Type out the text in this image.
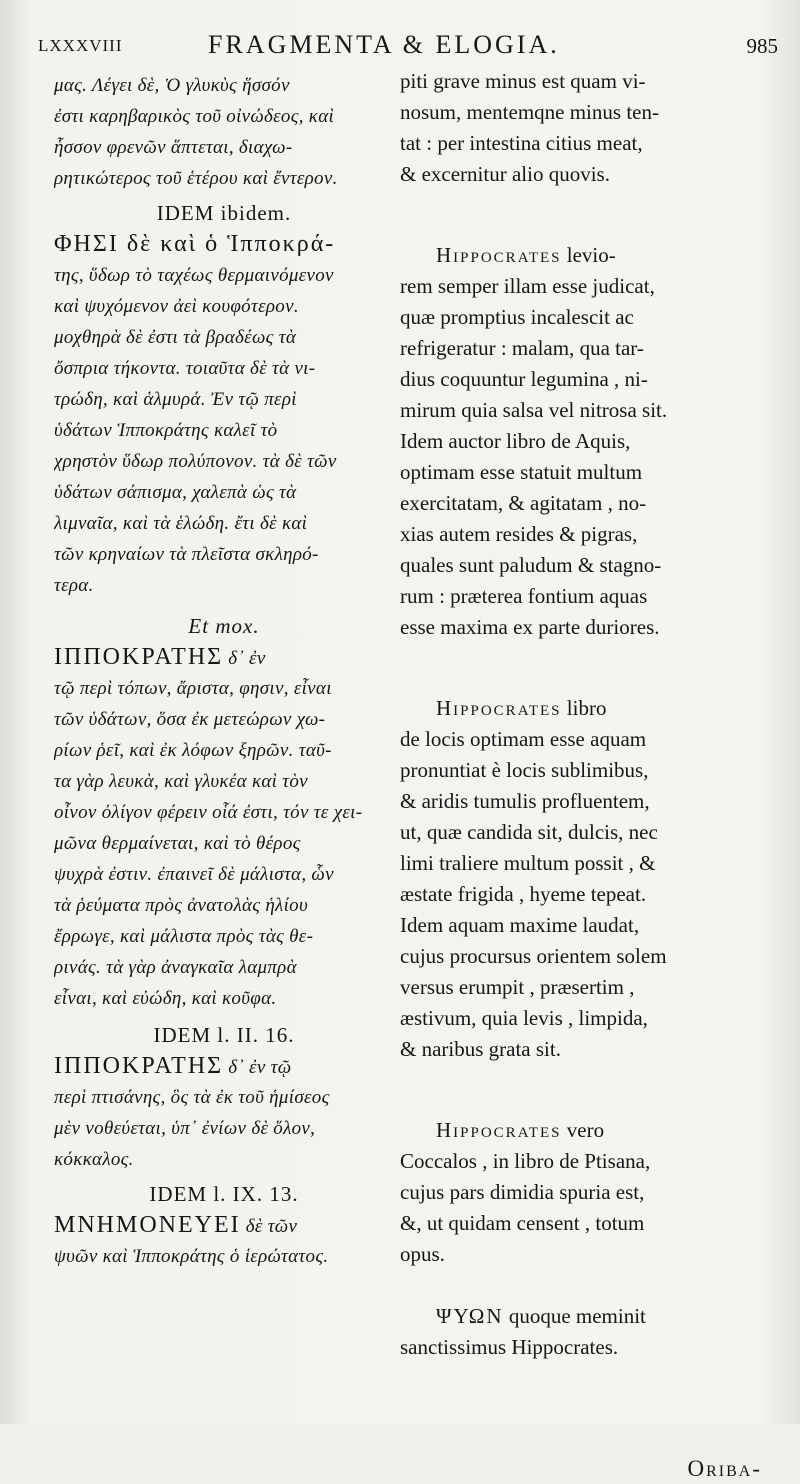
LXXXVIII	FRAGMENTA & ELOGIA.	985
μας. Λέγει δὲ, Ὁ γλυκὺς ἥσσόν
ἐστι καρηβαρικὸς τοῦ οἰνώδεος, καὶ
ἧσσον φρενῶν ἅπτεται, διαχω-
ρητικώτερος τοῦ ἑτέρου καὶ ἔντερον.
IDEM ibidem.
ΦΗΣΙ δὲ καὶ ὁ Ἱπποκρά-
της, ὕδωρ τὸ ταχέως θερμαινόμενον
καὶ ψυχόμενον ἀεὶ κουφότερον.
μοχθηρὰ δὲ ἐστι τὰ βραδέως τὰ
ὄσπρια τήκοντα. τοιαῦτα δὲ τὰ νι-
τρώδη, καὶ ἁλμυρά. Ἐν τῷ περὶ
ὑδάτων Ἱπποκράτης καλεῖ τὸ
χρηστὸν ὕδωρ πολύπονον. τὰ δὲ τῶν
ὑδάτων σάπισμα, χαλεπὰ ὡς τὰ
λιμναῖα, καὶ τὰ ἑλώδη. ἔτι δὲ καὶ
τῶν κρηναίων τὰ πλεῖστα σκληρό-
τερα.
Et mox.
ΙΠΠΟΚΡΑΤΗΣ δ᾽ ἐν
τῷ περὶ τόπων, ἄριστα, φησιν, εἶναι
τῶν ὑδάτων, ὅσα ἐκ μετεώρων χω-
ρίων ῥεῖ, καὶ ἐκ λόφων ξηρῶν. ταῦ-
τα γὰρ λευκὰ, καὶ γλυκέα καὶ τὸν
οἶνον ὀλίγον φέρειν οἷά ἐστι, τόν τε χει-
μῶνα θερμαίνεται, καὶ τὸ θέρος
ψυχρὰ ἐστιν. ἐπαινεῖ δὲ μάλιστα, ὧν
τὰ ῥεύματα πρὸς ἀνατολὰς ἡλίου
ἔρρωγε, καὶ μάλιστα πρὸς τὰς θε-
ρινάς. τὰ γὰρ ἀναγκαῖα λαμπρὰ
εἶναι, καὶ εὐώδη, καὶ κοῦφα.
IDEM l. II. 16.
ΙΠΠΟΚΡΑΤΗΣ δ᾽ ἐν τῷ
περὶ πτισάνης, ὃς τὰ ἐκ τοῦ ἡμίσεος
μὲν νοθεύεται, ὑπ᾽ ἐνίων δὲ ὅλον,
κόκκαλος.
IDEM l. IX. 13.
ΜΝΗΜΟΝΕΥΕΙ δὲ τῶν
ψυῶν καὶ Ἱπποκράτης ὁ ἱερώτατος.
piti grave minus est quam vi-
nosum, mentemqne minus ten-
tat : per intestina citius meat,
& excernitur alio quovis.
Hippocrates levio-
rem semper illam esse judicat,
quæ promptius incalescit ac
refrigeratur : malam, qua tar-
dius coquuntur legumina , ni-
mirum quia salsa vel nitrosa sit.
Idem auctor libro de Aquis,
optimam esse statuit multum
exercitatam, & agitatam , no-
xias autem resides & pigras,
quales sunt paludum & stagno-
rum : præterea fontium aquas
esse maxima ex parte duriores.
Hippocrates libro
de locis optimam esse aquam
pronuntiat è locis sublimibus,
& aridis tumulis profluentem,
ut, quæ candida sit, dulcis, nec
limi traliere multum possit , &
æstate frigida , hyeme tepeat.
Idem aquam maxime laudat,
cujus procursus orientem solem
versus erumpit , præsertim ,
æstivum, quia levis , limpida,
& naribus grata sit.
Hippocrates vero
Coccalos , in libro de Ptisana,
cujus pars dimidia spuria est,
&, ut quidam censent , totum
opus.
ΨΥΩΝ quoque meminit
sanctissimus Hippocrates.
Oriba-
